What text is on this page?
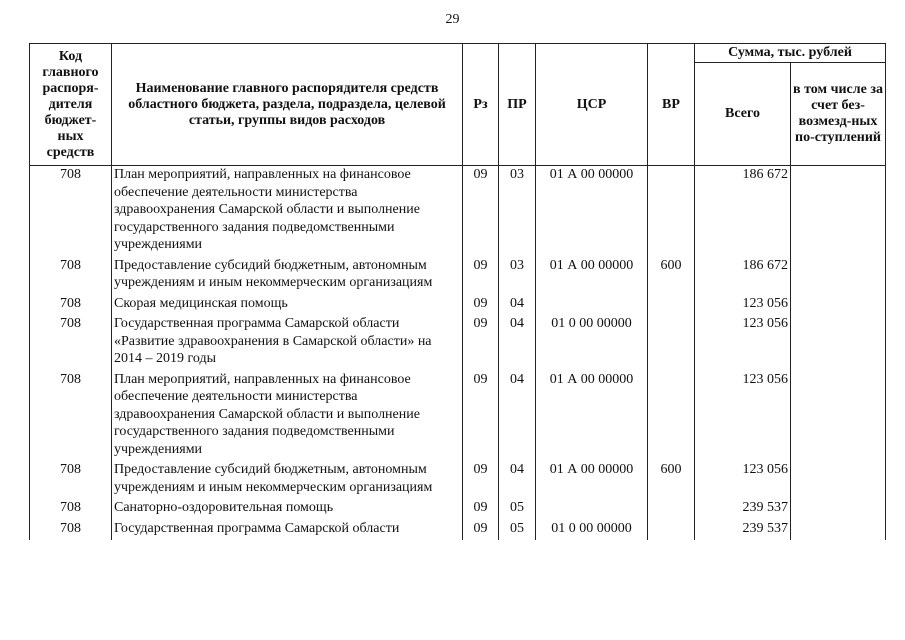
29
Код главного распоря-дителя бюджет-ных средств	Наименование главного распорядителя средств областного бюджета, раздела, подраздела, целевой статьи, группы видов расходов	Рз	ПР	ЦСР	ВР	Сумма, тыс. рублей	
						Всего	в том числе за счет без-возмезд-ных по-ступлений
708	План мероприятий, направленных на финансовое обеспечение деятельности министерства здравоохранения Самарской области и выполнение государственного задания подведомственными учреждениями	09	03	01 А 00 00000		186 672	
708	Предоставление субсидий бюджетным, автономным учреждениям и иным некоммерческим организациям	09	03	01 А 00 00000	600	186 672	
708	Скорая медицинская помощь	09	04			123 056	
708	Государственная программа Самарской области «Развитие здравоохранения в Самарской области» на 2014 – 2019 годы	09	04	01 0 00 00000		123 056	
708	План мероприятий, направленных на финансовое обеспечение деятельности министерства здравоохранения Самарской области и выполнение государственного задания подведомственными учреждениями	09	04	01 А 00 00000		123 056	
708	Предоставление субсидий бюджетным, автономным учреждениям и иным некоммерческим организациям	09	04	01 А 00 00000	600	123 056	
708	Санаторно-оздоровительная помощь	09	05			239 537	
708	Государственная программа Самарской области	09	05	01 0 00 00000		239 537	
